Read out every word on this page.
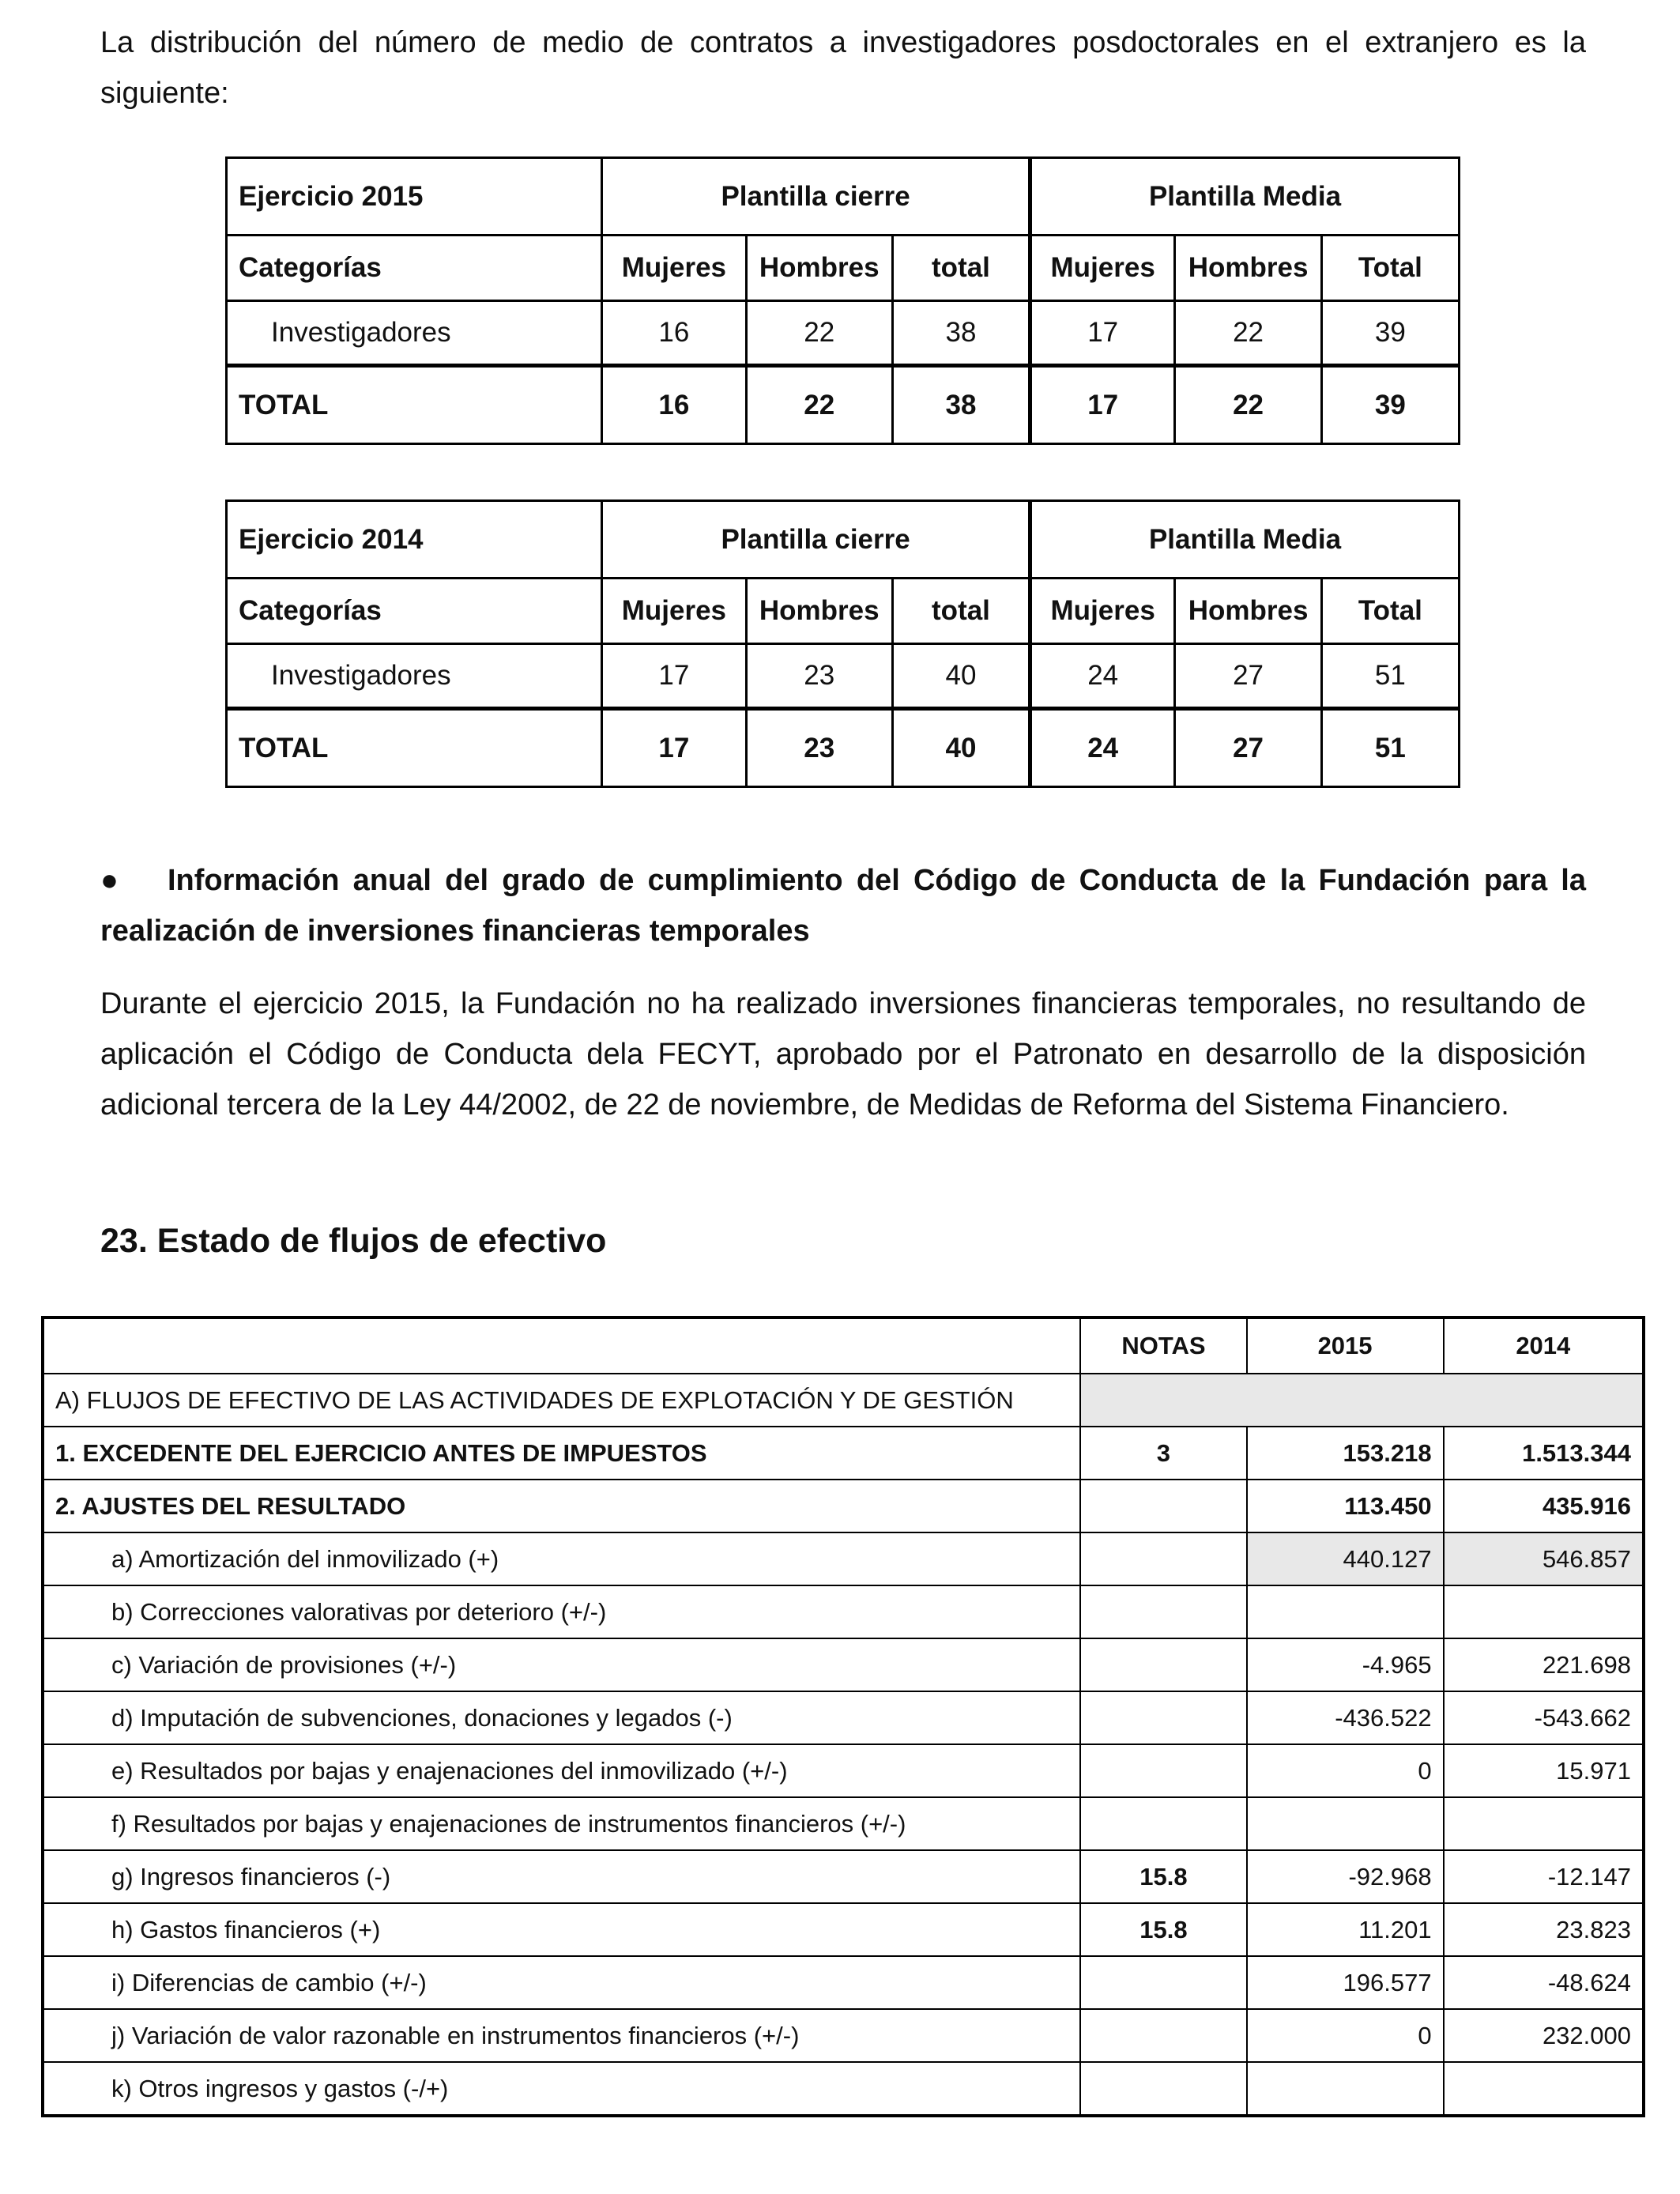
La distribución del número de medio de contratos a investigadores posdoctorales en el extranjero es la siguiente:

Ejercicio 2015	Plantilla cierre			Plantilla Media		
Categorías	Mujeres	Hombres	total	Mujeres	Hombres	Total
Investigadores	16	22	38	17	22	39
TOTAL	16	22	38	17	22	39
Ejercicio 2014	Plantilla cierre			Plantilla Media		
Categorías	Mujeres	Hombres	total	Mujeres	Hombres	Total
Investigadores	17	23	40	24	27	51
TOTAL	17	23	40	24	27	51
● Información anual del grado de cumplimiento del Código de Conducta de la Fundación para la realización de inversiones financieras temporales

Durante el ejercicio 2015, la Fundación no ha realizado inversiones financieras temporales, no resultando de aplicación el Código de Conducta dela FECYT, aprobado por el Patronato en desarrollo de la disposición adicional tercera de la Ley 44/2002, de 22 de noviembre, de Medidas de Reforma del Sistema Financiero.

23. Estado de flujos de efectivo
	NOTAS	2015	2014
A) FLUJOS DE EFECTIVO DE LAS ACTIVIDADES DE EXPLOTACIÓN Y DE GESTIÓN			
1. EXCEDENTE DEL EJERCICIO ANTES DE IMPUESTOS	3	153.218	1.513.344
2. AJUSTES DEL RESULTADO		113.450	435.916
a) Amortización del inmovilizado (+)		440.127	546.857
b) Correcciones valorativas por deterioro (+/-)			
c) Variación de provisiones (+/-)		-4.965	221.698
d) Imputación de subvenciones, donaciones y legados (-)		-436.522	-543.662
e) Resultados por bajas y enajenaciones del inmovilizado (+/-)		0	15.971
f) Resultados por bajas y enajenaciones de instrumentos financieros (+/-)			
g) Ingresos financieros (-)	15.8	-92.968	-12.147
h) Gastos financieros (+)	15.8	11.201	23.823
i) Diferencias de cambio (+/-)		196.577	-48.624
j) Variación de valor razonable en instrumentos financieros (+/-)		0	232.000
k) Otros ingresos y gastos (-/+)			
